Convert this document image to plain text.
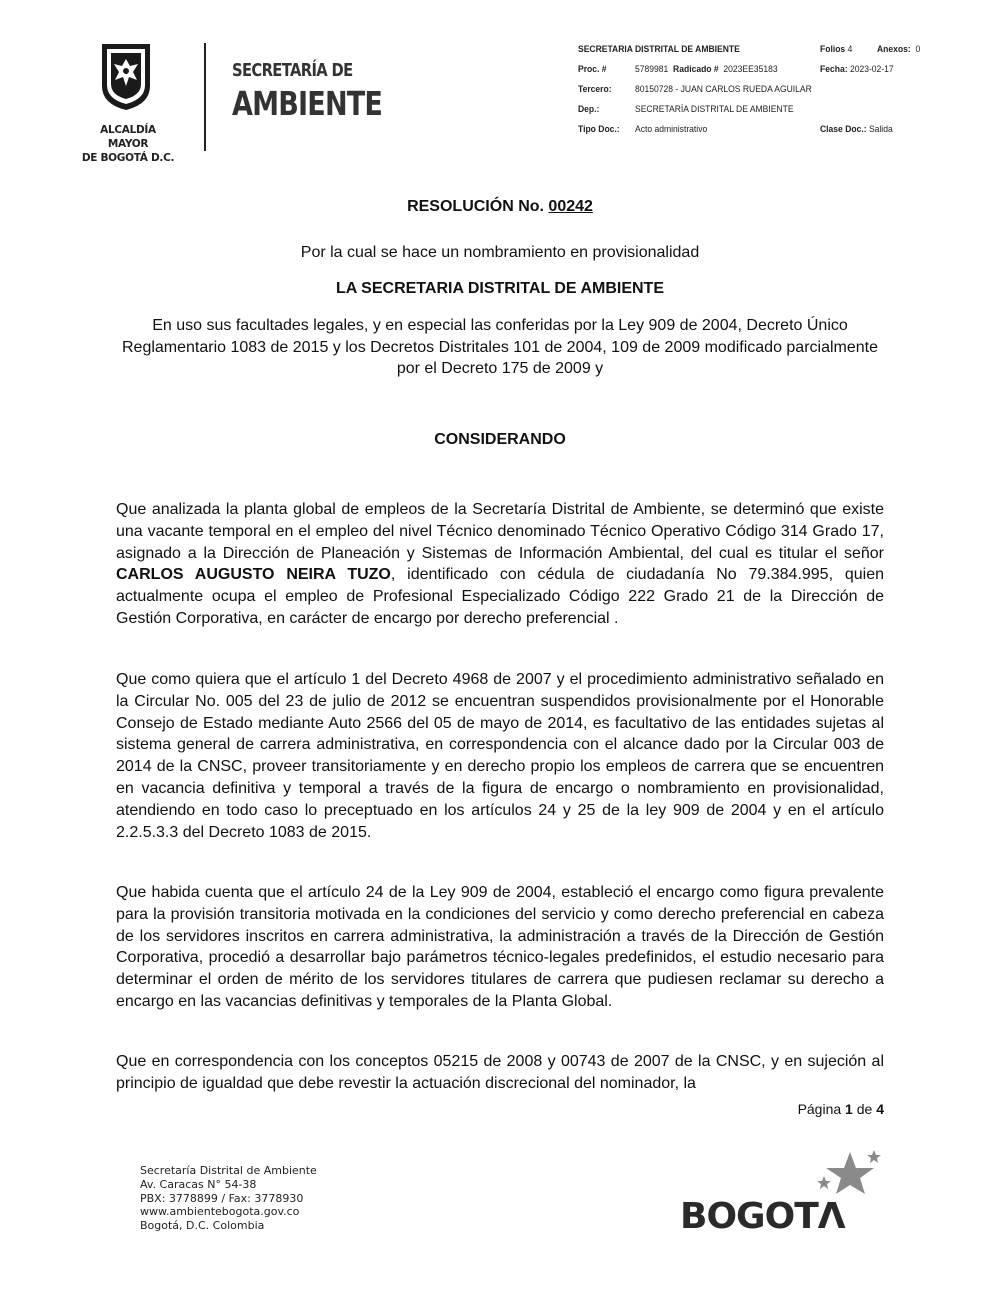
ALCALDÍA MAYOR
DE BOGOTÁ D.C.
SECRETARÍA DE
AMBIENTE
SECRETARIA DISTRITAL DE AMBIENTE	Folios 4	Anexos: 0
Proc. #	5789981 Radicado # 2023EE35183	Fecha: 2023-02-17
Tercero: 80150728 - JUAN CARLOS RUEDA AGUILAR
Dep.:	SECRETARÍA DISTRITAL DE AMBIENTE
Tipo Doc.: Acto administrativo	Clase Doc.: Salida
RESOLUCIÓN No. 00242
Por la cual se hace un nombramiento en provisionalidad
LA SECRETARIA DISTRITAL DE AMBIENTE
En uso sus facultades legales, y en especial las conferidas por la Ley 909 de 2004, Decreto Único Reglamentario 1083 de 2015 y los Decretos Distritales 101 de 2004, 109 de 2009 modificado parcialmente por el Decreto 175 de 2009 y
CONSIDERANDO

Que analizada la planta global de empleos de la Secretaría Distrital de Ambiente, se determinó que existe una vacante temporal en el empleo del nivel Técnico denominado Técnico Operativo Código 314 Grado 17, asignado a la Dirección de Planeación y Sistemas de Información Ambiental, del cual es titular el señor CARLOS AUGUSTO NEIRA TUZO, identificado con cédula de ciudadanía No 79.384.995, quien actualmente ocupa el empleo de Profesional Especializado Código 222 Grado 21 de la Dirección de Gestión Corporativa, en carácter de encargo por derecho preferencial .

Que como quiera que el artículo 1 del Decreto 4968 de 2007 y el procedimiento administrativo señalado en la Circular No. 005 del 23 de julio de 2012 se encuentran suspendidos provisionalmente por el Honorable Consejo de Estado mediante Auto 2566 del 05 de mayo de 2014, es facultativo de las entidades sujetas al sistema general de carrera administrativa, en correspondencia con el alcance dado por la Circular 003 de 2014 de la CNSC, proveer transitoriamente y en derecho propio los empleos de carrera que se encuentren en vacancia definitiva y temporal a través de la figura de encargo o nombramiento en provisionalidad, atendiendo en todo caso lo preceptuado en los artículos 24 y 25 de la ley 909 de 2004 y en el artículo 2.2.5.3.3 del Decreto 1083 de 2015.

Que habida cuenta que el artículo 24 de la Ley 909 de 2004, estableció el encargo como figura prevalente para la provisión transitoria motivada en la condiciones del servicio y como derecho preferencial en cabeza de los servidores inscritos en carrera administrativa, la administración a través de la Dirección de Gestión Corporativa, procedió a desarrollar bajo parámetros técnico-legales predefinidos, el estudio necesario para determinar el orden de mérito de los servidores titulares de carrera que pudiesen reclamar su derecho a encargo en las vacancias definitivas y temporales de la Planta Global.

Que en correspondencia con los conceptos 05215 de 2008 y 00743 de 2007 de la CNSC, y en sujeción al principio de igualdad que debe revestir la actuación discrecional del nominador, la

Página 1 de 4
Secretaría Distrital de Ambiente
Av. Caracas N° 54-38
PBX: 3778899 / Fax: 3778930
www.ambientebogota.gov.co
Bogotá, D.C. Colombia	BOGOTΛ
